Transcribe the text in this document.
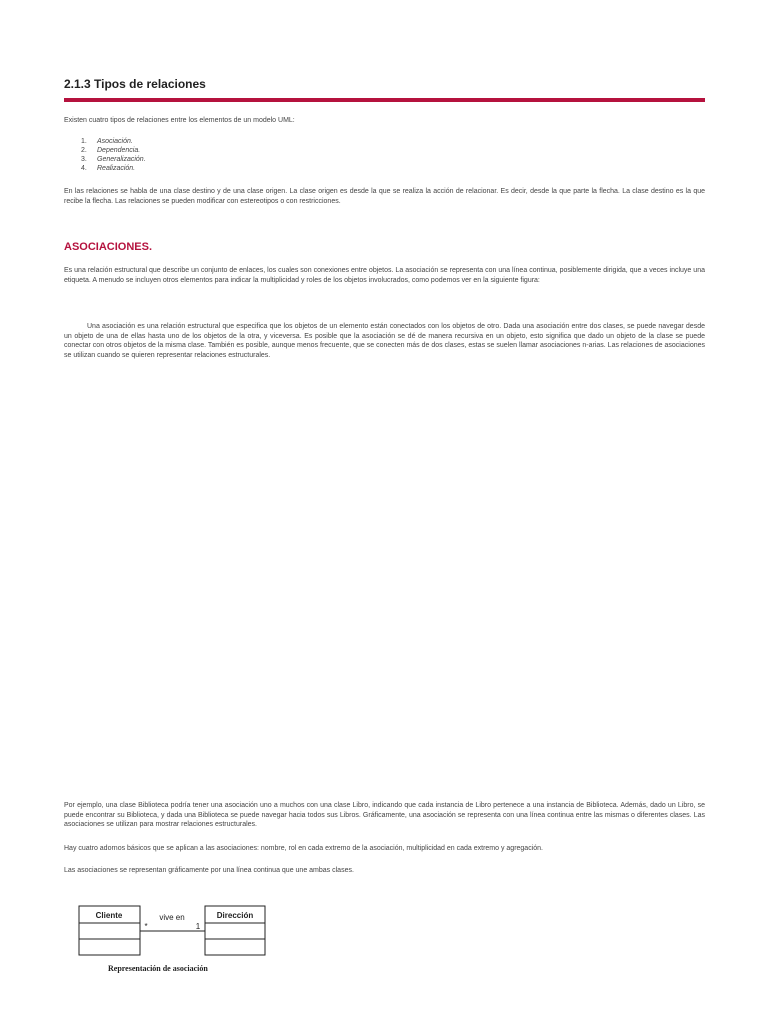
2.1.3 Tipos de relaciones

Existen cuatro tipos de relaciones entre los elementos de un modelo UML:

1.	Asociación.
2.	Dependencia.
3.	Generalización.
4.	Realización.

En las relaciones se habla de una clase destino y de una clase origen. La clase origen es desde la que se realiza la acción de relacionar. Es decir, desde la que parte la flecha. La clase destino es la que recibe la flecha. Las relaciones se pueden modificar con estereotipos o con restricciones.

ASOCIACIONES.

Es una relación estructural que describe un conjunto de enlaces, los cuales son conexiones entre objetos. La asociación se representa con una línea continua, posiblemente dirigida, que a veces incluye una etiqueta. A menudo se incluyen otros elementos para indicar la multiplicidad y roles de los objetos involucrados, como podemos ver en la siguiente figura:

Una asociación es una relación estructural que especifica que los objetos de un elemento están conectados con los objetos de otro. Dada una asociación entre dos clases, se puede navegar desde un objeto de una de ellas hasta uno de los objetos de la otra, y viceversa. Es posible que la asociación se dé de manera recursiva en un objeto, esto significa que dado un objeto de la clase se puede conectar con otros objetos de la misma clase. También es posible, aunque menos frecuente, que se conecten más de dos clases, estas se suelen llamar asociaciones n-arias. Las relaciones de asociaciones se utilizan cuando se quieren representar relaciones estructurales.

Por ejemplo, una clase Biblioteca podría tener una asociación uno a muchos con una clase Libro, indicando que cada instancia de Libro pertenece a una instancia de Biblioteca. Además, dado un Libro, se puede encontrar su Biblioteca, y dada una Biblioteca se puede navegar hacia todos sus Libros. Gráficamente, una asociación se representa con una línea continua entre las mismas o diferentes clases. Las asociaciones se utilizan para mostrar relaciones estructurales.

Hay cuatro adornos básicos que se aplican a las asociaciones: nombre, rol en cada extremo de la asociación, multiplicidad en cada extremo y agregación.

Las asociaciones se representan gráficamente por una línea continua que une ambas clases.

Cliente	Dirección
vive en
*	1
Representación de asociación
